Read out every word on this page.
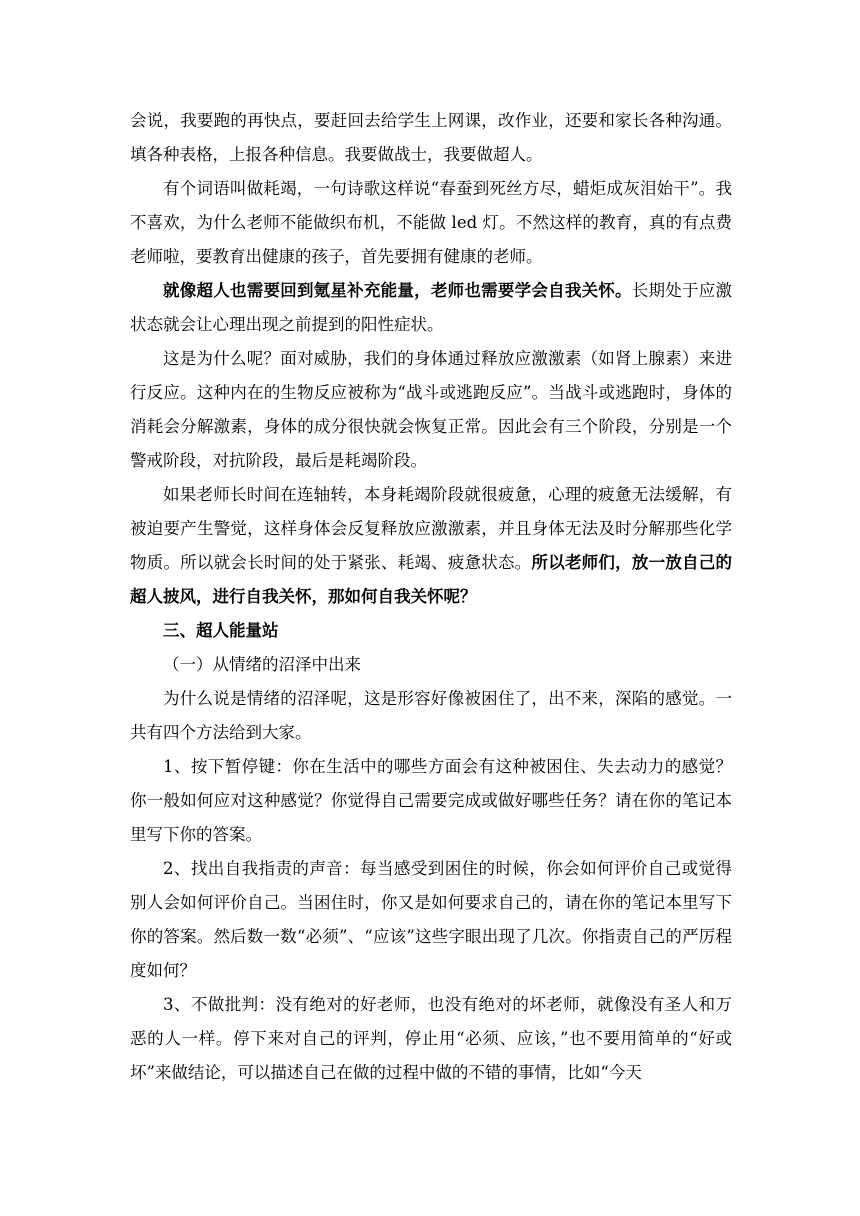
会说，我要跑的再快点，要赶回去给学生上网课，改作业，还要和家长各种沟通。填各种表格，上报各种信息。我要做战士，我要做超人。

有个词语叫做耗竭，一句诗歌这样说“春蚕到死丝方尽，蜡炬成灰泪始干”。我不喜欢，为什么老师不能做织布机，不能做 led 灯。不然这样的教育，真的有点费老师啦，要教育出健康的孩子，首先要拥有健康的老师。

就像超人也需要回到氪星补充能量，老师也需要学会自我关怀。长期处于应激状态就会让心理出现之前提到的阳性症状。

这是为什么呢？面对威胁，我们的身体通过释放应激激素（如肾上腺素）来进行反应。这种内在的生物反应被称为“战斗或逃跑反应”。当战斗或逃跑时，身体的消耗会分解激素，身体的成分很快就会恢复正常。因此会有三个阶段，分别是一个警戒阶段，对抗阶段，最后是耗竭阶段。

如果老师长时间在连轴转，本身耗竭阶段就很疲惫，心理的疲惫无法缓解，有被迫要产生警觉，这样身体会反复释放应激激素，并且身体无法及时分解那些化学物质。所以就会长时间的处于紧张、耗竭、疲惫状态。所以老师们，放一放自己的超人披风，进行自我关怀，那如何自我关怀呢？

三、超人能量站

（一）从情绪的沼泽中出来

为什么说是情绪的沼泽呢，这是形容好像被困住了，出不来，深陷的感觉。一共有四个方法给到大家。

1、按下暂停键：你在生活中的哪些方面会有这种被困住、失去动力的感觉？你一般如何应对这种感觉？你觉得自己需要完成或做好哪些任务？请在你的笔记本里写下你的答案。

2、找出自我指责的声音：每当感受到困住的时候，你会如何评价自己或觉得别人会如何评价自己。当困住时，你又是如何要求自己的，请在你的笔记本里写下你的答案。然后数一数“必须”、“应该”这些字眼出现了几次。你指责自己的严厉程度如何？

3、不做批判：没有绝对的好老师，也没有绝对的坏老师，就像没有圣人和万恶的人一样。停下来对自己的评判，停止用“必须、应该，”也不要用简单的“好或坏”来做结论，可以描述自己在做的过程中做的不错的事情，比如“今天
